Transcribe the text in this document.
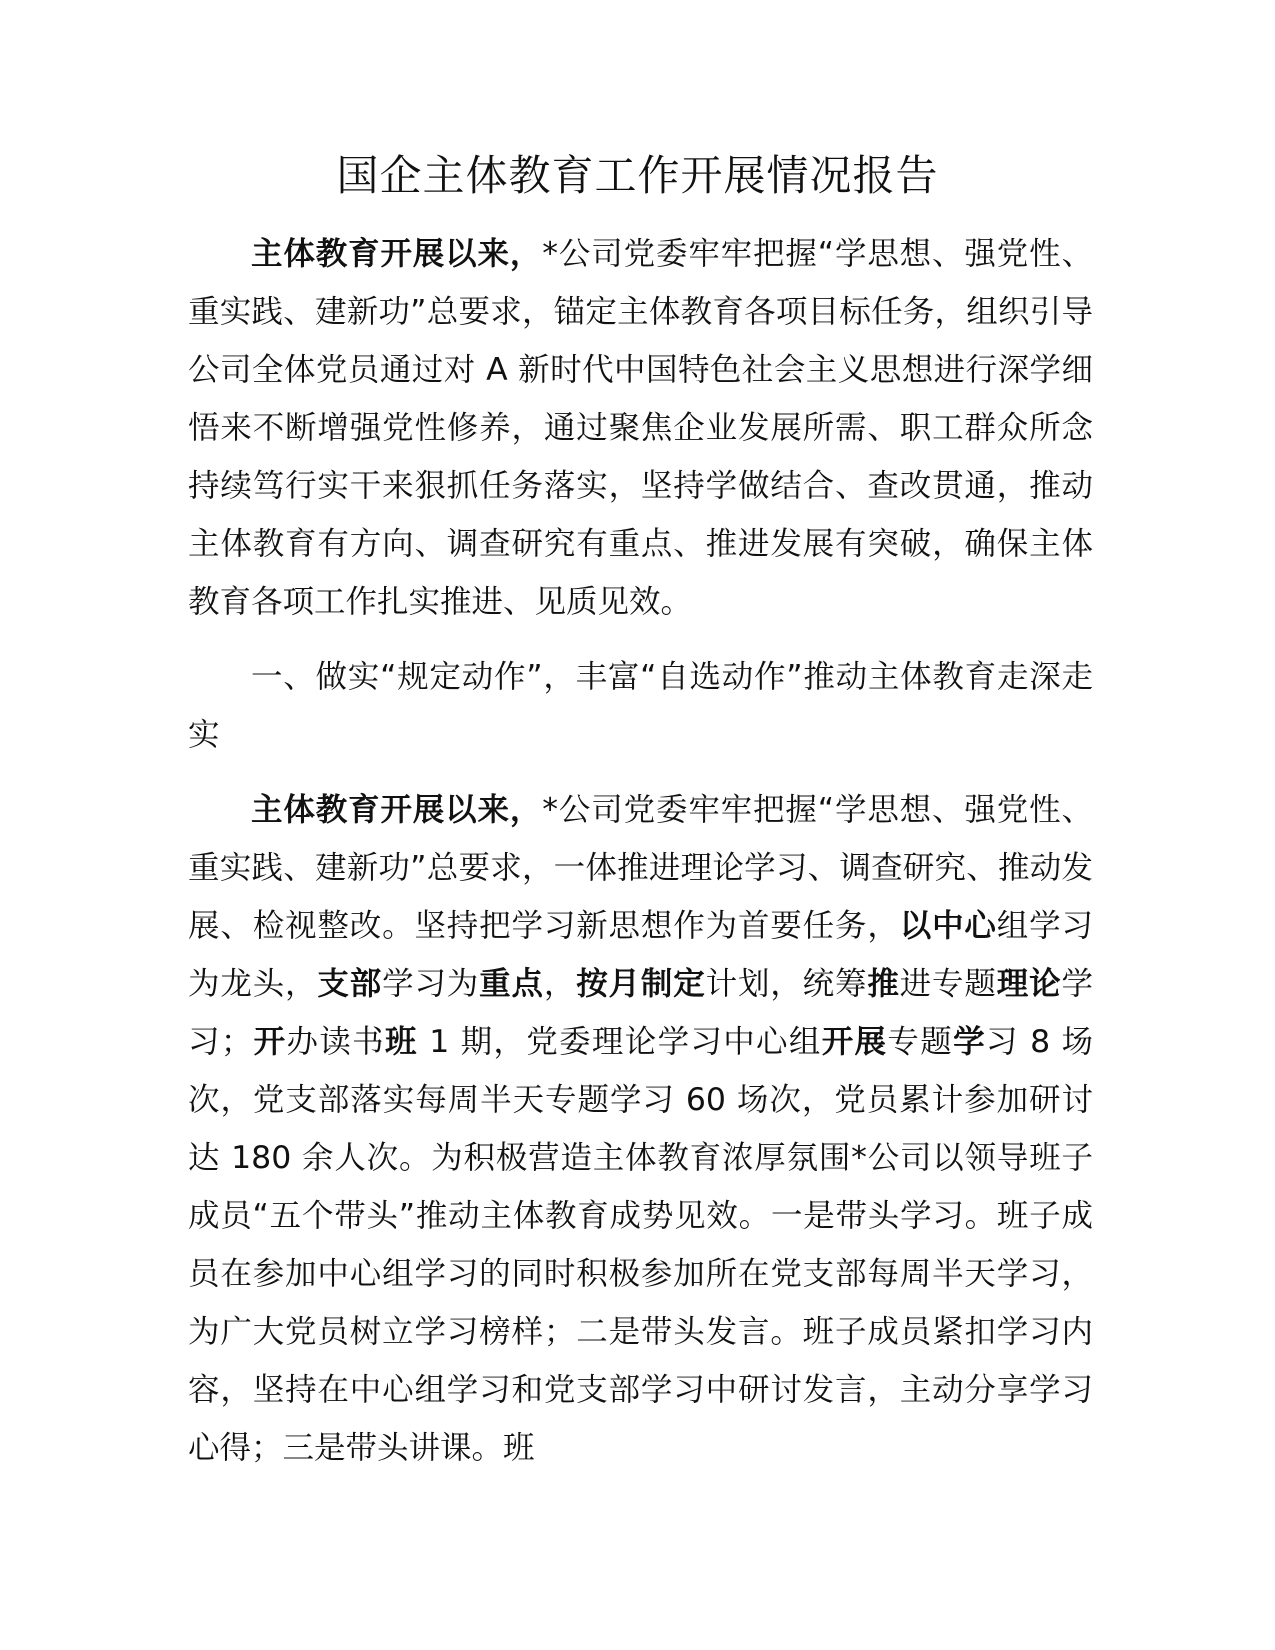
国企主体教育工作开展情况报告

主体教育开展以来，*公司党委牢牢把握“学思想、强党性、重实践、建新功”总要求，锚定主体教育各项目标任务，组织引导公司全体党员通过对 A 新时代中国特色社会主义思想进行深学细悟来不断增强党性修养，通过聚焦企业发展所需、职工群众所念持续笃行实干来狠抓任务落实，坚持学做结合、查改贯通，推动主体教育有方向、调查研究有重点、推进发展有突破，确保主体教育各项工作扎实推进、见质见效。

一、做实“规定动作”，丰富“自选动作”推动主体教育走深走实

主体教育开展以来，*公司党委牢牢把握“学思想、强党性、重实践、建新功”总要求，一体推进理论学习、调查研究、推动发展、检视整改。坚持把学习新思想作为首要任务，以中心组学习为龙头，支部学习为重点，按月制定计划，统筹推进专题理论学习；开办读书班 1 期，党委理论学习中心组开展专题学习 8 场次，党支部落实每周半天专题学习 60 场次，党员累计参加研讨达 180 余人次。为积极营造主体教育浓厚氛围*公司以领导班子成员“五个带头”推动主体教育成势见效。一是带头学习。班子成员在参加中心组学习的同时积极参加所在党支部每周半天学习，为广大党员树立学习榜样；二是带头发言。班子成员紧扣学习内容，坚持在中心组学习和党支部学习中研讨发言，主动分享学习心得；三是带头讲课。班
